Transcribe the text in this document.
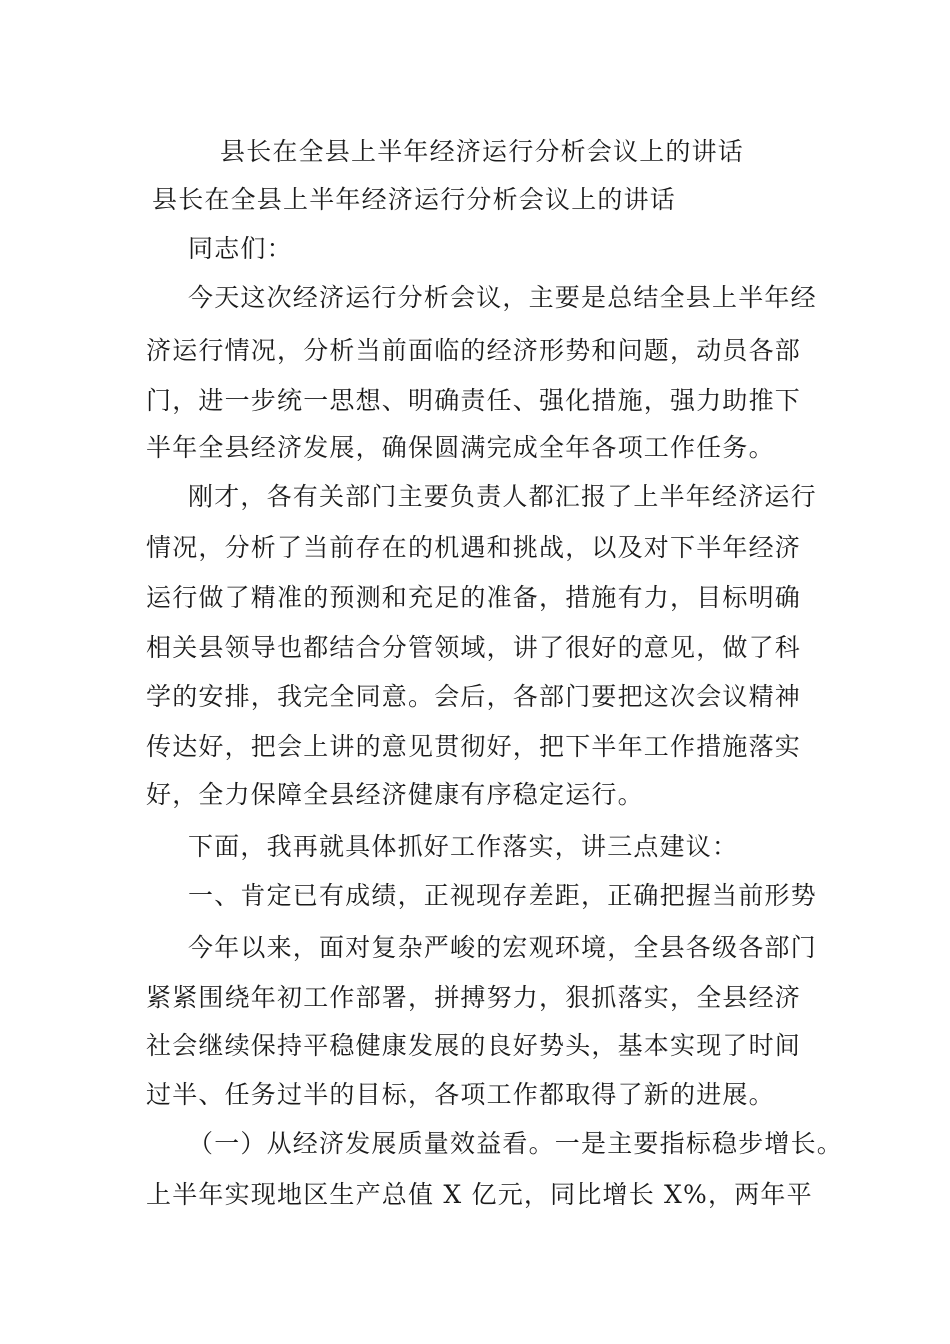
县长在全县上半年经济运行分析会议上的讲话
县长在全县上半年经济运行分析会议上的讲话
同志们：
今天这次经济运行分析会议，主要是总结全县上半年经
济运行情况，分析当前面临的经济形势和问题，动员各部
门，进一步统一思想、明确责任、强化措施，强力助推下
半年全县经济发展，确保圆满完成全年各项工作任务。
刚才，各有关部门主要负责人都汇报了上半年经济运行
情况，分析了当前存在的机遇和挑战，以及对下半年经济
运行做了精准的预测和充足的准备，措施有力，目标明确
相关县领导也都结合分管领域，讲了很好的意见，做了科
学的安排，我完全同意。会后，各部门要把这次会议精神
传达好，把会上讲的意见贯彻好，把下半年工作措施落实
好，全力保障全县经济健康有序稳定运行。
下面，我再就具体抓好工作落实，讲三点建议：
一、肯定已有成绩，正视现存差距，正确把握当前形势
今年以来，面对复杂严峻的宏观环境，全县各级各部门
紧紧围绕年初工作部署，拼搏努力，狠抓落实，全县经济
社会继续保持平稳健康发展的良好势头，基本实现了时间
过半、任务过半的目标，各项工作都取得了新的进展。
（一）从经济发展质量效益看。一是主要指标稳步增长。
上半年实现地区生产总值 X 亿元，同比增长 X%，两年平
